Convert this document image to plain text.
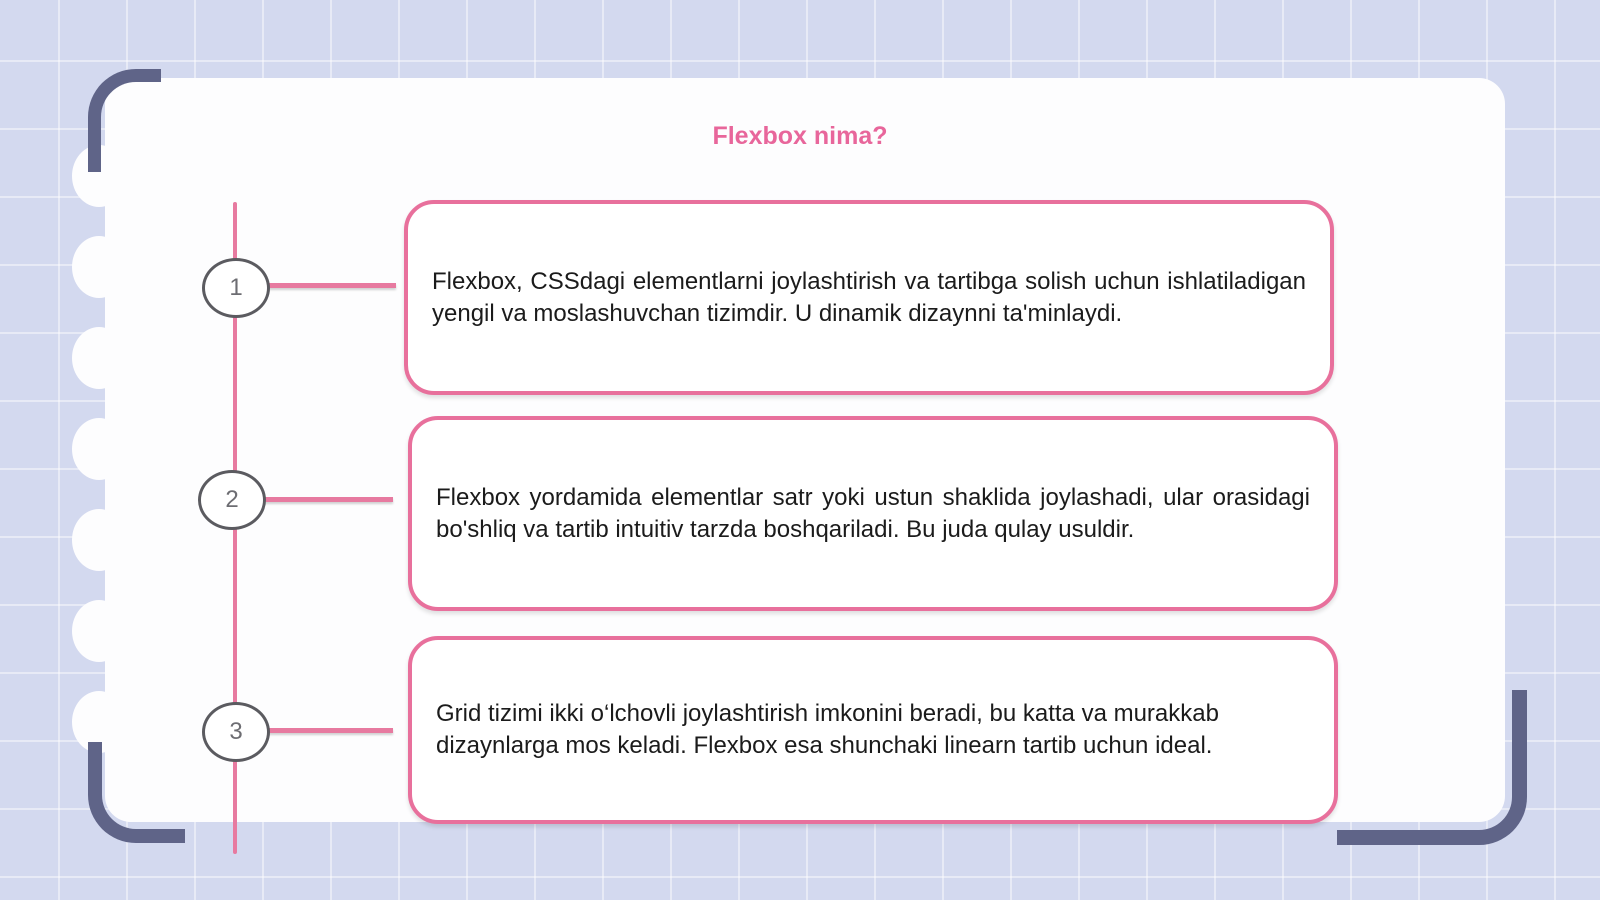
Flexbox nima?
1
2
3
Flexbox, CSSdagi elementlarni joylashtirish va tartibga solish uchun ishlatiladigan yengil va moslashuvchan tizimdir. U dinamik dizaynni ta'minlaydi.
Flexbox yordamida elementlar satr yoki ustun shaklida joylashadi, ular orasidagi bo'shliq va tartib intuitiv tarzda boshqariladi. Bu juda qulay usuldir.
Grid tizimi ikki o‘lchovli joylashtirish imkonini beradi, bu katta va murakkab dizaynlarga mos keladi. Flexbox esa shunchaki linearn tartib uchun ideal.
